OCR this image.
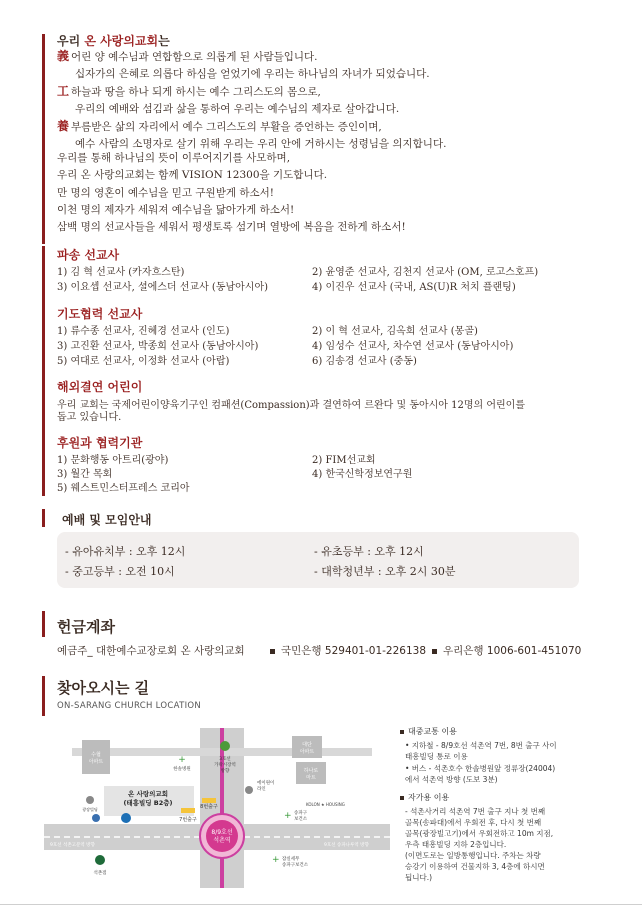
우리 온 사랑의교회는
義 어린 양 예수님과 연합함으로 의롭게 된 사람들입니다.
십자가의 은혜로 의롭다 하심을 얻었기에 우리는 하나님의 자녀가 되었습니다.
工 하늘과 땅을 하나 되게 하시는 예수 그리스도의 몸으로,
우리의 예배와 섬김과 삶을 통하여 우리는 예수님의 제자로 살아갑니다.
養 부름받은 삶의 자리에서 예수 그리스도의 부활을 증언하는 증인이며,
예수 사람의 소명자로 살기 위해 우리는 우리 안에 거하시는 성령님을 의지합니다.
우리를 통해 하나님의 뜻이 이루어지기를 사모하며,
우리 온 사랑의교회는 함께 VISION 12300을 기도합니다.
만 명의 영혼이 예수님을 믿고 구원받게 하소서!
이천 명의 제자가 세워져 예수님을 닮아가게 하소서!
삼백 명의 선교사들을 세워서 평생토록 섬기며 열방에 복음을 전하게 하소서!
파송 선교사
1) 김 혁 선교사 (카자흐스탄)	2) 윤영준 선교사, 김천지 선교사 (OM, 로고스호프)
3) 이요셉 선교사, 셜에스더 선교사 (동남아시아)	4) 이진우 선교사 (국내, AS(U)R 처치 플랜팅)
기도협력 선교사
1) 류수종 선교사, 진혜경 선교사 (인도)	2) 이 혁 선교사, 김옥희 선교사 (몽골)
3) 고진환 선교사, 박종희 선교사 (동남아시아)	4) 임성수 선교사, 차수연 선교사 (동남아시아)
5) 여대로 선교사, 이정화 선교사 (아랍)	6) 김송경 선교사 (중동)
해외결연 어린이
우리 교회는 국제어린이양육기구인 컴패션(Compassion)과 결연하여 르완다 및 동아시아 12명의 어린이를
돕고 있습니다.
후원과 협력기관
1) 문화행동 아트리(광야)	2) FIM선교회
3) 월간 목회	4) 한국신학정보연구원
5) 웨스트민스터프레스 코리아
예배 및 모임안내
- 유아유치부 : 오후 12시	- 유초등부 : 오후 12시
- 중고등부 : 오전 10시	- 대학청년부 : 오후 2시 30분
헌금계좌
예금주_ 대한예수교장로회 온 사랑의교회	국민은행 529401-01-226138	우리은행 1006-601-451070
찾아오시는 길
ON-SARANG CHURCH LOCATION
8/9호선
석촌역
3호선
가락시장역
방향
수협
아파트
대단
아파트
하나로
마트
+
한솔병원
온 사랑의교회
(태흥빌딩 B2층)
7번출구
8번출구
에이원이
라인
+ 송파구
보건소
+ 잠실세무
송파구보건소
KOLON ★ HOUSING
광장빌딩
9호선 석촌고분역 방향	9호선 송파나루역 방향
석촌점
대중교통 이용
• 지하철 - 8/9호선 석촌역 7번, 8번 출구 사이
태흥빌딩 통로 이용
• 버스 - 석촌호수 한솔병원앞 정류장(24004)
에서 석촌역 방향 (도보 3분)
자가용 이용
- 석촌사거리 석촌역 7번 출구 지나 첫 번째
골목(송파대)에서 우회전 후, 다시 첫 번째
골목(광장빌고기)에서 우회전하고 10m 지점,
우측 태흥빌딩 지하 2층입니다.
(이면도로는 일방통행입니다. 주차는 차량
승강기 이용하여 건물지하 3, 4층에 하시면
됩니다.)
